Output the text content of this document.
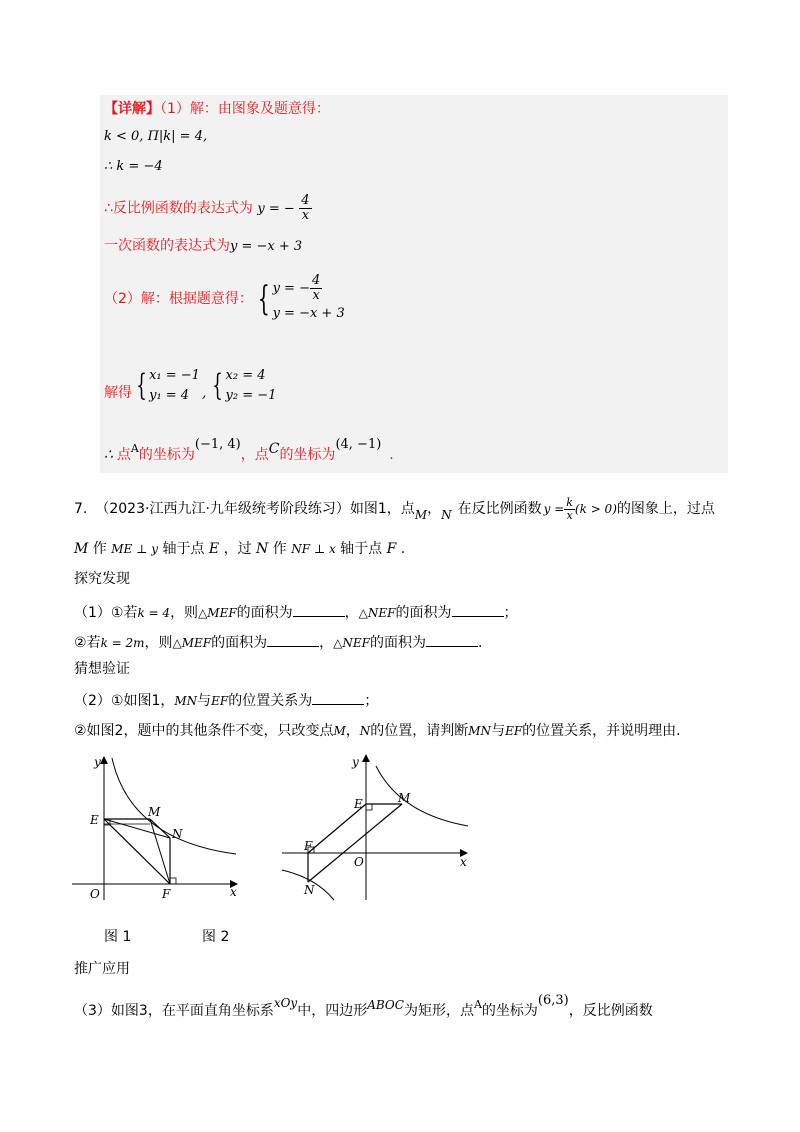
【详解】（1）解：由图象及题意得：
k < 0, П|k| = 4,
∴ k = −4
∴反比例函数的表达式为 y = − $\frac{4}{x}$
一次函数的表达式为y = −x + 3
（2）解：根据题意得： { y = − $\frac{4}{x}$
y = −x + 3
解得 { x₁ = −1
y₁ = 4 , { x₂ = 4
y₂ = −1
∴ 点 A 的坐标为
(−1, 4)
，点 C 的坐标为
(4, −1)
.
7. （2023·江西九江·九年级统考阶段练习）如图1，点 M ， N 在反比例函数 $y = \frac{k}{x} (k > 0)$ 的图象上，过点
M 作 ME ⊥ y 轴于点 E ，过 N 作 NF ⊥ x 轴于点 F .
探究发现
（1）①若k = 4，则△MEF的面积为	，△NEF的面积为	；
②若k = 2m，则△MEF的面积为	，△NEF的面积为	.
猜想验证
（2）①如图1，MN与EF的位置关系为	；
②如图2，题中的其他条件不变，只改变点M，N的位置，请判断MN与EF的位置关系，并说明理由.
y
x
O
E
M
N
F
y
x
O
E	M
F
N
图 1	图 2
推广应用
（3）如图3，在平面直角坐标系 xOy 中，四边形 ABOC 为矩形，点 A 的坐标为
(6,3)
，反比例函数
